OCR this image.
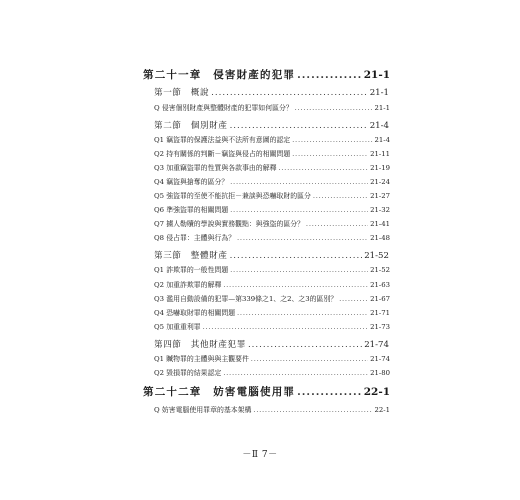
第二十一章　侵害財產的犯罪 .....	21-1
第一節　概說 .....	21-1
Q 侵害個別財產與整體財產的犯罪如何區分？ .....	21-1
第二節　個別財產 .....	21-4
Q1 竊盜罪的保護法益與不法所有意圖的認定 .....	21-4
Q2 持有關係的判斷－竊盜與侵占的相關問題 .....	21-11
Q3 加重竊盜罪的性質與各款事由的解釋 .....	21-19
Q4 竊盜與搶奪的區分？ .....	21-24
Q5 強盜罪的至使不能抗拒－兼談與恐嚇取財的區分 .....	21-27
Q6 準強盜罪的相關問題 .....	21-32
Q7 擄人勒贖的學說與實務觀點：與強盜的區分？ .....	21-41
Q8 侵占罪：主體與行為？ .....	21-48
第三節　整體財產 .....	21-52
Q1 詐欺罪的一般性問題 .....	21-52
Q2 加重詐欺罪的解釋 .....	21-63
Q3 濫用自動設備的犯罪—第339條之1、之2、之3的區別？ .....	21-67
Q4 恐嚇取財罪的相關問題 .....	21-71
Q5 加重重利罪 .....	21-73
第四節　其他財產犯罪 .....	21-74
Q1 贓物罪的主體與與主觀要件 .....	21-74
Q2 毀損罪的結果認定 .....	21-80
第二十二章　妨害電腦使用罪 .....	22-1
Q 妨害電腦使用罪章的基本架構 .....	22-1
－Ⅱ 7－
